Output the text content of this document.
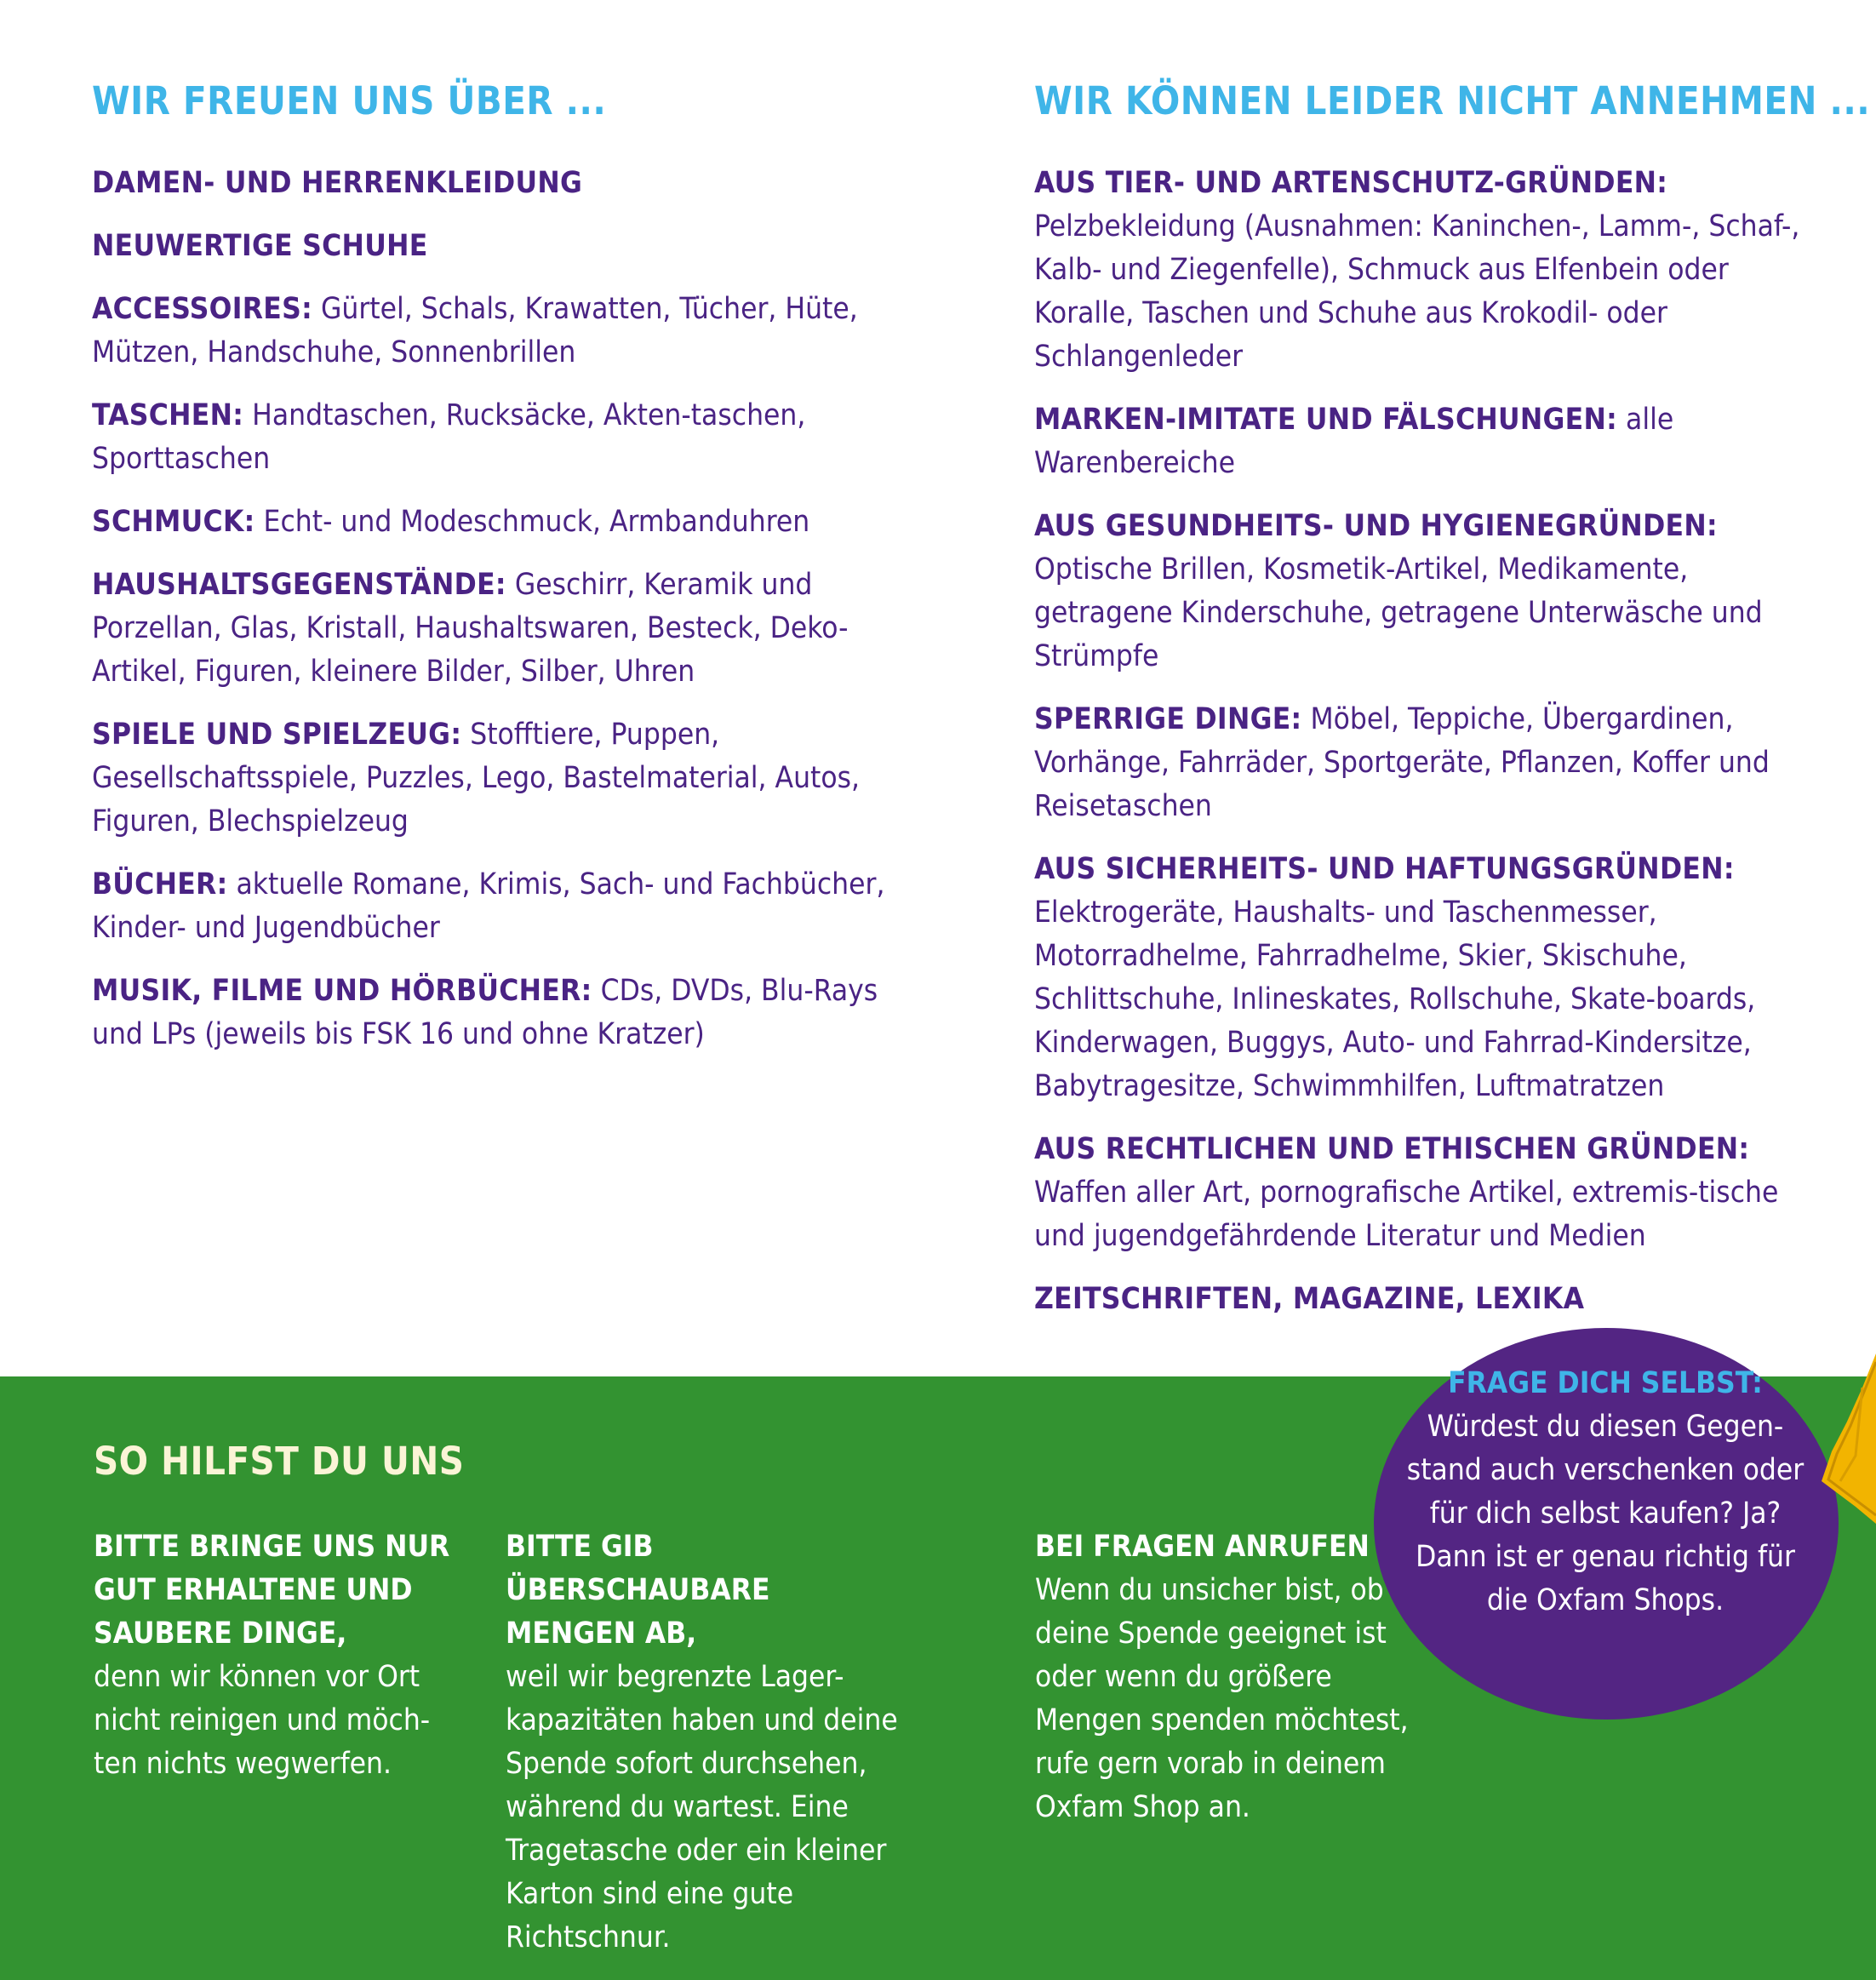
WIR FREUEN UNS ÜBER ...

DAMEN- UND HERRENKLEIDUNG

NEUWERTIGE SCHUHE

ACCESSOIRES: Gürtel, Schals, Krawatten, Tücher, Hüte, Mützen, Handschuhe, Sonnenbrillen

TASCHEN: Handtaschen, Rucksäcke, Akten-taschen, Sporttaschen

SCHMUCK: Echt- und Modeschmuck, Armbanduhren

HAUSHALTSGEGENSTÄNDE: Geschirr, Keramik und Porzellan, Glas, Kristall, Haushaltswaren, Besteck, Deko-Artikel, Figuren, kleinere Bilder, Silber, Uhren

SPIELE UND SPIELZEUG: Stofftiere, Puppen, Gesellschaftsspiele, Puzzles, Lego, Bastelmaterial, Autos, Figuren, Blechspielzeug

BÜCHER: aktuelle Romane, Krimis, Sach- und Fachbücher, Kinder- und Jugendbücher

MUSIK, FILME UND HÖRBÜCHER: CDs, DVDs, Blu-Rays und LPs (jeweils bis FSK 16 und ohne Kratzer)

WIR KÖNNEN LEIDER NICHT ANNEHMEN ...

AUS TIER- UND ARTENSCHUTZ-GRÜNDEN: Pelzbekleidung (Ausnahmen: Kaninchen-, Lamm-, Schaf-, Kalb- und Ziegenfelle), Schmuck aus Elfenbein oder Koralle, Taschen und Schuhe aus Krokodil- oder Schlangenleder

MARKEN-IMITATE UND FÄLSCHUNGEN: alle Warenbereiche

AUS GESUNDHEITS- UND HYGIENEGRÜNDEN: Optische Brillen, Kosmetik-Artikel, Medikamente, getragene Kinderschuhe, getragene Unterwäsche und Strümpfe

SPERRIGE DINGE: Möbel, Teppiche, Übergardinen, Vorhänge, Fahrräder, Sportgeräte, Pflanzen, Koffer und Reisetaschen

AUS SICHERHEITS- UND HAFTUNGSGRÜNDEN: Elektrogeräte, Haushalts- und Taschenmesser, Motorradhelme, Fahrradhelme, Skier, Skischuhe, Schlittschuhe, Inlineskates, Rollschuhe, Skate-boards, Kinderwagen, Buggys, Auto- und Fahrrad-Kindersitze, Babytragesitze, Schwimmhilfen, Luftmatratzen

AUS RECHTLICHEN UND ETHISCHEN GRÜNDEN: Waffen aller Art, pornografische Artikel, extremis-tische und jugendgefährdende Literatur und Medien

ZEITSCHRIFTEN, MAGAZINE, LEXIKA

SO HILFST DU UNS
BITTE BRINGE UNS NUR GUT ERHALTENE UND SAUBERE DINGE,
denn wir können vor Ort nicht reinigen und möch-ten nichts wegwerfen.
BITTE GIB ÜBERSCHAUBARE MENGEN AB,
weil wir begrenzte Lager-kapazitäten haben und deine Spende sofort durchsehen, während du wartest. Eine Tragetasche oder ein kleiner Karton sind eine gute Richtschnur.
BEI FRAGEN ANRUFEN
Wenn du unsicher bist, ob deine Spende geeignet ist oder wenn du größere Mengen spenden möchtest, rufe gern vorab in deinem Oxfam Shop an.
FRAGE DICH SELBST:
Würdest du diesen Gegen-stand auch verschenken oder für dich selbst kaufen? Ja? Dann ist er genau richtig für die Oxfam Shops.
